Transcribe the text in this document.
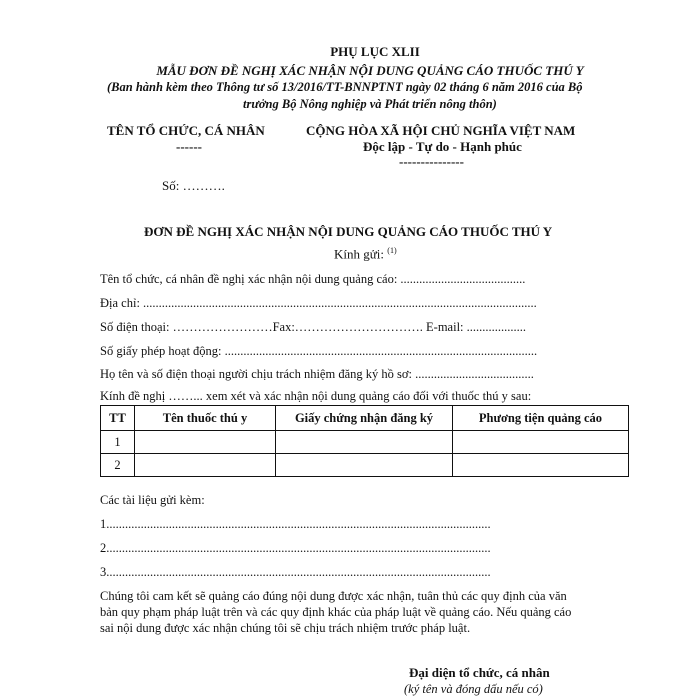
PHỤ LỤC XLII
MẪU ĐƠN ĐỀ NGHỊ XÁC NHẬN NỘI DUNG QUẢNG CÁO THUỐC THÚ Y
(Ban hành kèm theo Thông tư số 13/2016/TT-BNNPTNT ngày 02 tháng 6 năm 2016 của Bộ
trưởng Bộ Nông nghiệp và Phát triển nông thôn)
TÊN TỔ CHỨC, CÁ NHÂN
------
CỘNG HÒA XÃ HỘI CHỦ NGHĨA VIỆT NAM
Độc lập - Tự do - Hạnh phúc
---------------
Số: ……….
ĐƠN ĐỀ NGHỊ XÁC NHẬN NỘI DUNG QUẢNG CÁO THUỐC THÚ Y
Kính gửi: $^{(1)}$
Tên tổ chức, cá nhân đề nghị xác nhận nội dung quảng cáo: ........................................
Địa chỉ: ..............................................................................................................................
Số điện thoại: ……………………Fax:…………………………. E-mail: ...................
Số giấy phép hoạt động: ....................................................................................................
Họ tên và số điện thoại người chịu trách nhiệm đăng ký hồ sơ: ......................................
Kính đề nghị ……... xem xét và xác nhận nội dung quảng cáo đối với thuốc thú y sau:
TT	Tên thuốc thú y	Giấy chứng nhận đăng ký	Phương tiện quảng cáo
1			
2			
Các tài liệu gửi kèm:
1...........................................................................................................................
2...........................................................................................................................
3...........................................................................................................................
Chúng tôi cam kết sẽ quảng cáo đúng nội dung được xác nhận, tuân thủ các quy định của văn
bản quy phạm pháp luật trên và các quy định khác của pháp luật về quảng cáo. Nếu quảng cáo
sai nội dung được xác nhận chúng tôi sẽ chịu trách nhiệm trước pháp luật.
Đại diện tổ chức, cá nhân
(ký tên và đóng dấu nếu có)
